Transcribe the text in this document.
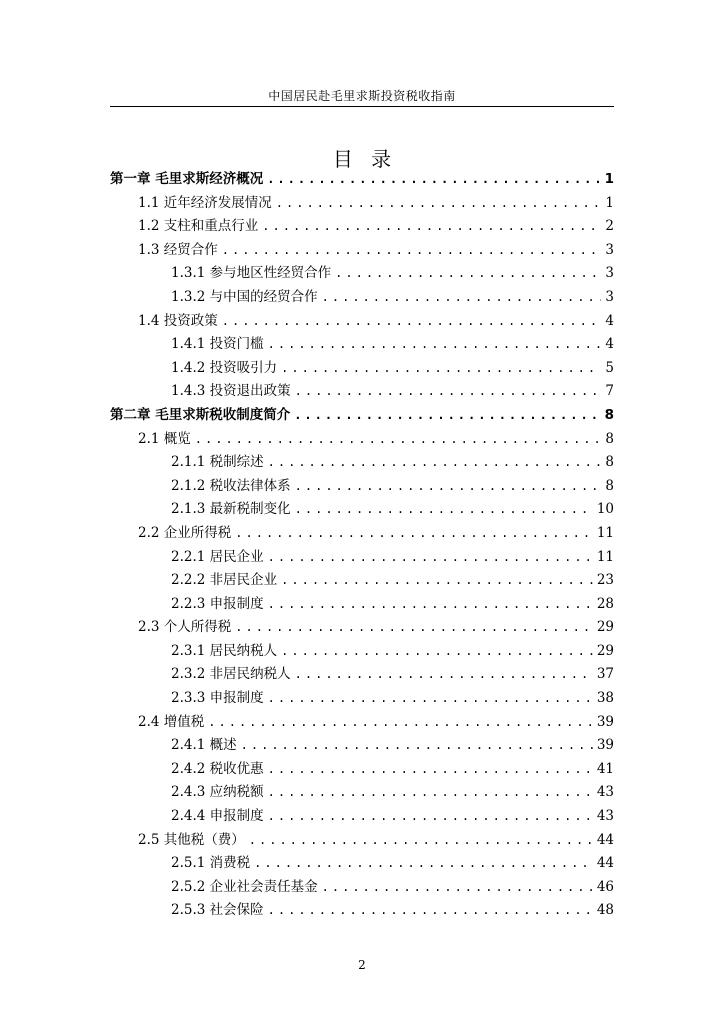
中国居民赴毛里求斯投资税收指南
目 录
第一章 毛里求斯经济概况 .....	1
1.1 近年经济发展情况 .....	1
1.2 支柱和重点行业 .....	2
1.3 经贸合作 .....	3
1.3.1 参与地区性经贸合作 .....	3
1.3.2 与中国的经贸合作 .....	3
1.4 投资政策 .....	4
1.4.1 投资门槛 .....	4
1.4.2 投资吸引力 .....	5
1.4.3 投资退出政策 .....	7
第二章 毛里求斯税收制度简介 .....	8
2.1 概览 .....	8
2.1.1 税制综述 .....	8
2.1.2 税收法律体系 .....	8
2.1.3 最新税制变化 .....	10
2.2 企业所得税 .....	11
2.2.1 居民企业 .....	11
2.2.2 非居民企业 .....	23
2.2.3 申报制度 .....	28
2.3 个人所得税 .....	29
2.3.1 居民纳税人 .....	29
2.3.2 非居民纳税人 .....	37
2.3.3 申报制度 .....	38
2.4 增值税 .....	39
2.4.1 概述 .....	39
2.4.2 税收优惠 .....	41
2.4.3 应纳税额 .....	43
2.4.4 申报制度 .....	43
2.5 其他税（费） .....	44
2.5.1 消费税 .....	44
2.5.2 企业社会责任基金 .....	46
2.5.3 社会保险 .....	48
2
